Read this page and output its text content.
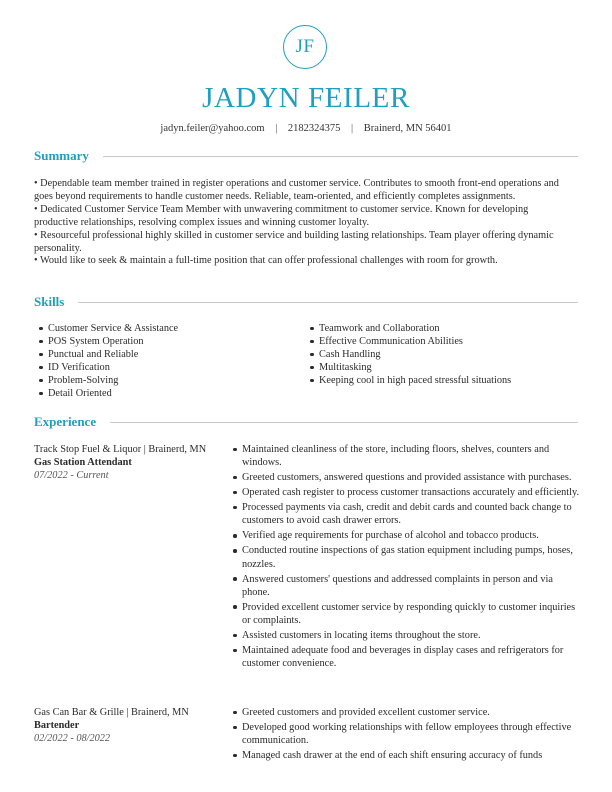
JF
JADYN FEILER
jadyn.feiler@yahoo.com | 2182324375 | Brainerd, MN 56401
Summary

• Dependable team member trained in register operations and customer service. Contributes to smooth front-end operations and goes beyond requirements to handle customer needs. Reliable, team-oriented, and efficiently completes assignments.

• Dedicated Customer Service Team Member with unwavering commitment to customer service. Known for developing productive relationships, resolving complex issues and winning customer loyalty.

• Resourceful professional highly skilled in customer service and building lasting relationships. Team player offering dynamic personality.

• Would like to seek & maintain a full-time position that can offer professional challenges with room for growth.

Skills
Customer Service & Assistance
POS System Operation
Punctual and Reliable
ID Verification
Problem-Solving
Detail Oriented
Teamwork and Collaboration
Effective Communication Abilities
Cash Handling
Multitasking
Keeping cool in high paced stressful situations
Experience
Track Stop Fuel & Liquor | Brainerd, MN
Gas Station Attendant
07/2022 - Current
Maintained cleanliness of the store, including floors, shelves, counters and windows.
Greeted customers, answered questions and provided assistance with purchases.
Operated cash register to process customer transactions accurately and efficiently.
Processed payments via cash, credit and debit cards and counted back change to customers to avoid cash drawer errors.
Verified age requirements for purchase of alcohol and tobacco products.
Conducted routine inspections of gas station equipment including pumps, hoses, nozzles.
Answered customers' questions and addressed complaints in person and via phone.
Provided excellent customer service by responding quickly to customer inquiries or complaints.
Assisted customers in locating items throughout the store.
Maintained adequate food and beverages in display cases and refrigerators for customer convenience.
Gas Can Bar & Grille | Brainerd, MN
Bartender
02/2022 - 08/2022
Greeted customers and provided excellent customer service.
Developed good working relationships with fellow employees through effective communication.
Managed cash drawer at the end of each shift ensuring accuracy of funds
